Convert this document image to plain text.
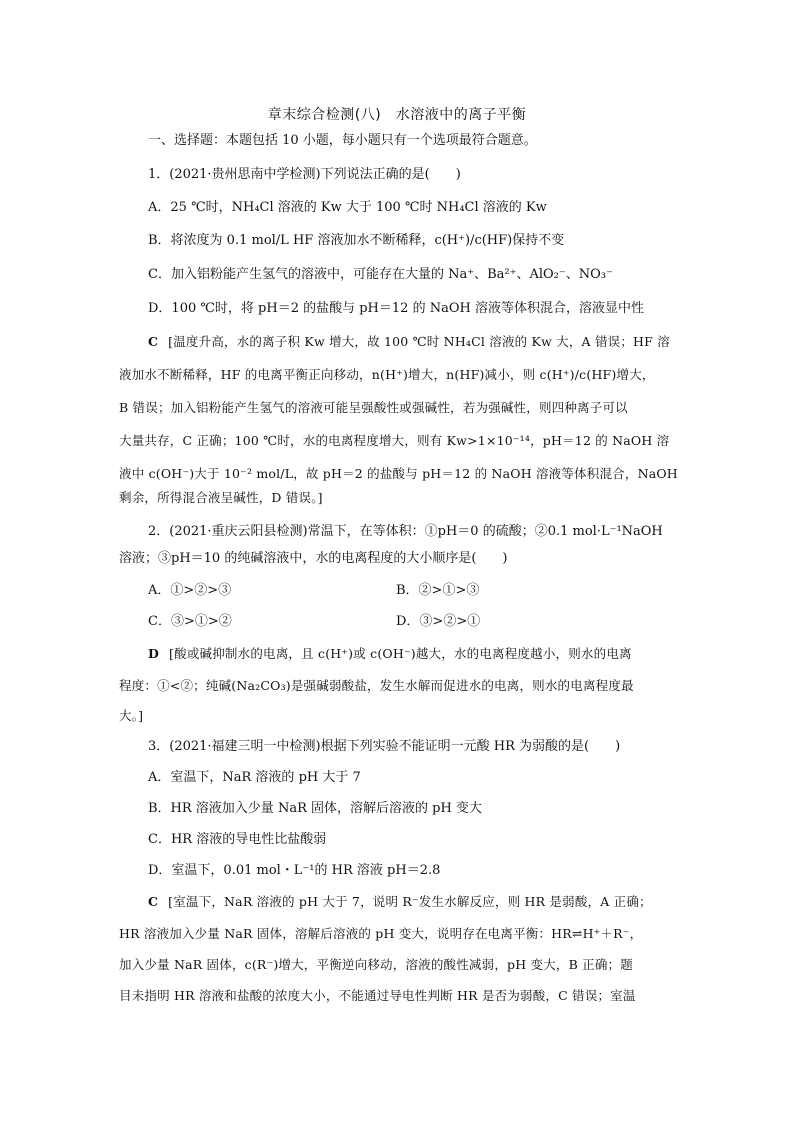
章末综合检测(八)　水溶液中的离子平衡
一、选择题：本题包括 10 小题，每小题只有一个选项最符合题意。
1．(2021·贵州思南中学检测)下列说法正确的是(　　)
A．25 ℃时，NH₄Cl 溶液的 Kw 大于 100 ℃时 NH₄Cl 溶液的 Kw
B．将浓度为 0.1 mol/L HF 溶液加水不断稀释，c(H⁺)/c(HF)保持不变
C．加入铝粉能产生氢气的溶液中，可能存在大量的 Na⁺、Ba²⁺、AlO₂⁻、NO₃⁻
D．100 ℃时，将 pH＝2 的盐酸与 pH＝12 的 NaOH 溶液等体积混合，溶液显中性
C [温度升高，水的离子积 Kw 增大，故 100 ℃时 NH₄Cl 溶液的 Kw 大，A 错误；HF 溶
液加水不断稀释，HF 的电离平衡正向移动，n(H⁺)增大，n(HF)减小，则 c(H⁺)/c(HF)增大，
B 错误；加入铝粉能产生氢气的溶液可能呈强酸性或强碱性，若为强碱性，则四种离子可以
大量共存，C 正确；100 ℃时，水的电离程度增大，则有 Kw>1×10⁻¹⁴，pH＝12 的 NaOH 溶
液中 c(OH⁻)大于 10⁻² mol/L，故 pH＝2 的盐酸与 pH＝12 的 NaOH 溶液等体积混合，NaOH
剩余，所得混合液呈碱性，D 错误。]
2．(2021·重庆云阳县检测)常温下，在等体积：①pH＝0 的硫酸；②0.1 mol·L⁻¹NaOH
溶液；③pH＝10 的纯碱溶液中，水的电离程度的大小顺序是(　　)
A．①>②>③	B．②>①>③
C．③>①>②	D．③>②>①
D [酸或碱抑制水的电离，且 c(H⁺)或 c(OH⁻)越大，水的电离程度越小，则水的电离
程度：①<②；纯碱(Na₂CO₃)是强碱弱酸盐，发生水解而促进水的电离，则水的电离程度最
大。]
3．(2021·福建三明一中检测)根据下列实验不能证明一元酸 HR 为弱酸的是(　　)
A．室温下，NaR 溶液的 pH 大于 7
B．HR 溶液加入少量 NaR 固体，溶解后溶液的 pH 变大
C．HR 溶液的导电性比盐酸弱
D．室温下，0.01 mol・L⁻¹的 HR 溶液 pH＝2.8
C [室温下，NaR 溶液的 pH 大于 7，说明 R⁻发生水解反应，则 HR 是弱酸，A 正确；
HR 溶液加入少量 NaR 固体，溶解后溶液的 pH 变大，说明存在电离平衡：HR⇌H⁺＋R⁻，
加入少量 NaR 固体，c(R⁻)增大，平衡逆向移动，溶液的酸性减弱，pH 变大，B 正确；题
目未指明 HR 溶液和盐酸的浓度大小，不能通过导电性判断 HR 是否为弱酸，C 错误；室温
